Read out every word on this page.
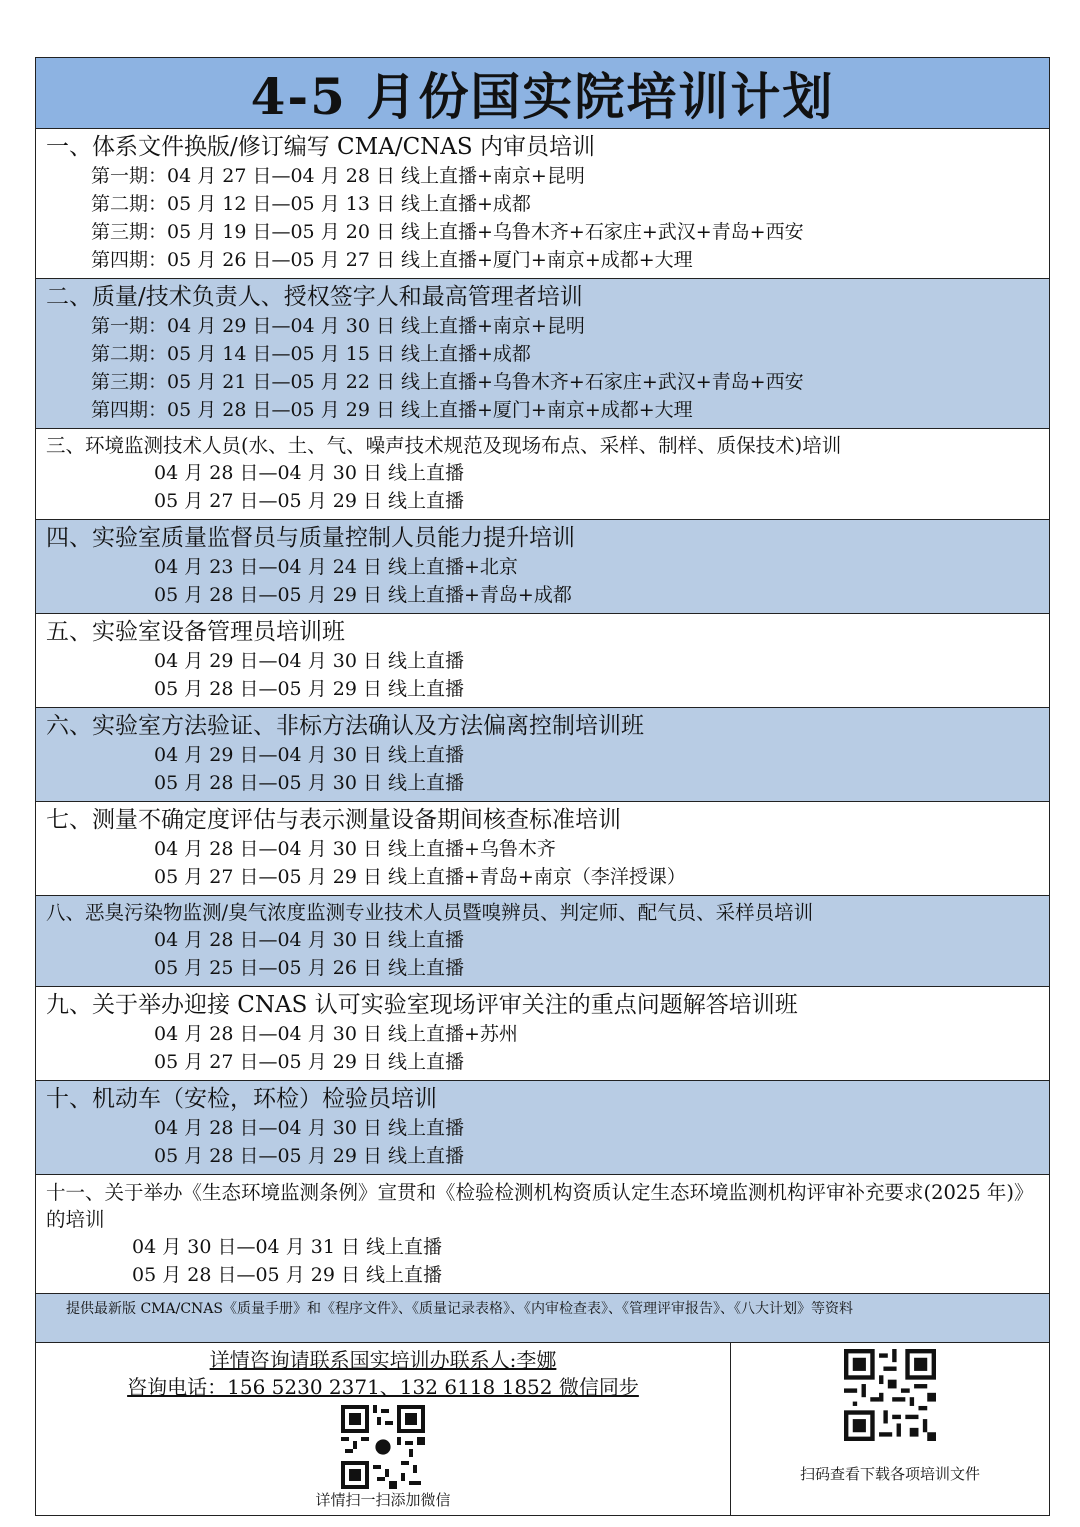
4-5 月份国实院培训计划
一、体系文件换版/修订编写 CMA/CNAS 内审员培训
第一期：04 月 27 日—04 月 28 日 线上直播+南京+昆明
第二期：05 月 12 日—05 月 13 日 线上直播+成都
第三期：05 月 19 日—05 月 20 日 线上直播+乌鲁木齐+石家庄+武汉+青岛+西安
第四期：05 月 26 日—05 月 27 日 线上直播+厦门+南京+成都+大理
二、质量/技术负责人、授权签字人和最高管理者培训
第一期：04 月 29 日—04 月 30 日 线上直播+南京+昆明
第二期：05 月 14 日—05 月 15 日 线上直播+成都
第三期：05 月 21 日—05 月 22 日 线上直播+乌鲁木齐+石家庄+武汉+青岛+西安
第四期：05 月 28 日—05 月 29 日 线上直播+厦门+南京+成都+大理
三、环境监测技术人员(水、土、气、噪声技术规范及现场布点、采样、制样、质保技术)培训
04 月 28 日—04 月 30 日 线上直播
05 月 27 日—05 月 29 日 线上直播
四、实验室质量监督员与质量控制人员能力提升培训
04 月 23 日—04 月 24 日 线上直播+北京
05 月 28 日—05 月 29 日 线上直播+青岛+成都
五、实验室设备管理员培训班
04 月 29 日—04 月 30 日 线上直播
05 月 28 日—05 月 29 日 线上直播
六、实验室方法验证、非标方法确认及方法偏离控制培训班
04 月 29 日—04 月 30 日 线上直播
05 月 28 日—05 月 30 日 线上直播
七、测量不确定度评估与表示测量设备期间核查标准培训
04 月 28 日—04 月 30 日 线上直播+乌鲁木齐
05 月 27 日—05 月 29 日 线上直播+青岛+南京（李洋授课）
八、恶臭污染物监测/臭气浓度监测专业技术人员暨嗅辨员、判定师、配气员、采样员培训
04 月 28 日—04 月 30 日 线上直播
05 月 25 日—05 月 26 日 线上直播
九、关于举办迎接 CNAS 认可实验室现场评审关注的重点问题解答培训班
04 月 28 日—04 月 30 日 线上直播+苏州
05 月 27 日—05 月 29 日 线上直播
十、机动车（安检，环检）检验员培训
04 月 28 日—04 月 30 日 线上直播
05 月 28 日—05 月 29 日 线上直播
十一、关于举办《生态环境监测条例》宣贯和《检验检测机构资质认定生态环境监测机构评审补充要求(2025 年)》的培训
04 月 30 日—04 月 31 日 线上直播
05 月 28 日—05 月 29 日 线上直播
提供最新版 CMA/CNAS《质量手册》和《程序文件》、《质量记录表格》、《内审检查表》、《管理评审报告》、《八大计划》等资料
详情咨询请联系国实培训办联系人:李娜
咨询电话：156 5230 2371、132 6118 1852 微信同步
详情扫一扫添加微信
扫码查看下载各项培训文件
